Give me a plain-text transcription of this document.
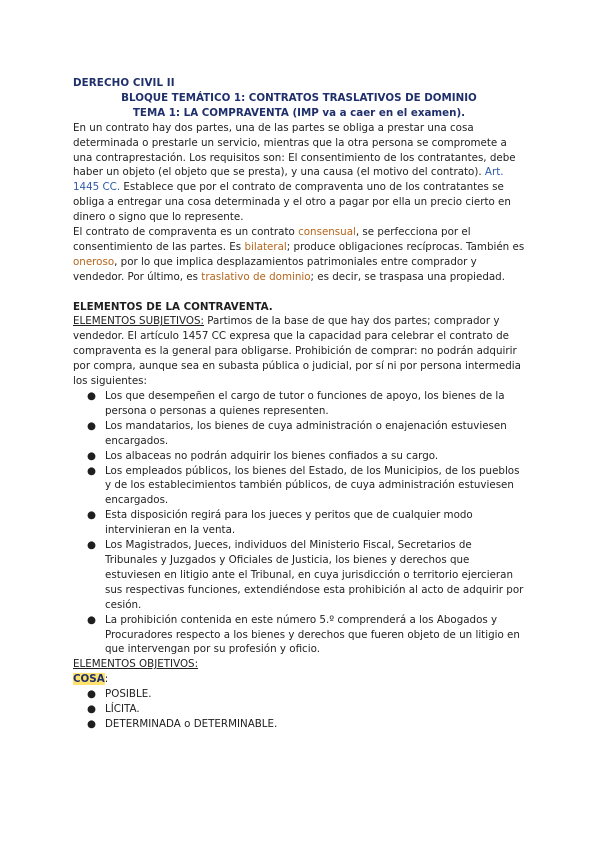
DERECHO CIVIL II
BLOQUE TEMÁTICO 1: CONTRATOS TRASLATIVOS DE DOMINIO
TEMA 1: LA COMPRAVENTA (IMP va a caer en el examen).

En un contrato hay dos partes, una de las partes se obliga a prestar una cosa determinada o prestarle un servicio, mientras que la otra persona se compromete a una contraprestación. Los requisitos son: El consentimiento de los contratantes, debe haber un objeto (el objeto que se presta), y una causa (el motivo del contrato). Art. 1445 CC. Establece que por el contrato de compraventa uno de los contratantes se obliga a entregar una cosa determinada y el otro a pagar por ella un precio cierto en dinero o signo que lo represente.

El contrato de compraventa es un contrato consensual, se perfecciona por el consentimiento de las partes. Es bilateral; produce obligaciones recíprocas. También es oneroso, por lo que implica desplazamientos patrimoniales entre comprador y vendedor. Por último, es traslativo de dominio; es decir, se traspasa una propiedad.

ELEMENTOS DE LA CONTRAVENTA.

ELEMENTOS SUBJETIVOS: Partimos de la base de que hay dos partes; comprador y vendedor. El artículo 1457 CC expresa que la capacidad para celebrar el contrato de compraventa es la general para obligarse. Prohibición de comprar: no podrán adquirir por compra, aunque sea en subasta pública o judicial, por sí ni por persona intermedia los siguientes:

● Los que desempeñen el cargo de tutor o funciones de apoyo, los bienes de la persona o personas a quienes representen.
● Los mandatarios, los bienes de cuya administración o enajenación estuviesen encargados.
● Los albaceas no podrán adquirir los bienes confiados a su cargo.
● Los empleados públicos, los bienes del Estado, de los Municipios, de los pueblos y de los establecimientos también públicos, de cuya administración estuviesen encargados.
● Esta disposición regirá para los jueces y peritos que de cualquier modo intervinieran en la venta.
● Los Magistrados, Jueces, individuos del Ministerio Fiscal, Secretarios de Tribunales y Juzgados y Oficiales de Justicia, los bienes y derechos que estuviesen en litigio ante el Tribunal, en cuya jurisdicción o territorio ejercieran sus respectivas funciones, extendiéndose esta prohibición al acto de adquirir por cesión.
● La prohibición contenida en este número 5.º comprenderá a los Abogados y Procuradores respecto a los bienes y derechos que fueren objeto de un litigio en que intervengan por su profesión y oficio.
ELEMENTOS OBJETIVOS:
COSA:
● POSIBLE.
● LÍCITA.
● DETERMINADA o DETERMINABLE.
